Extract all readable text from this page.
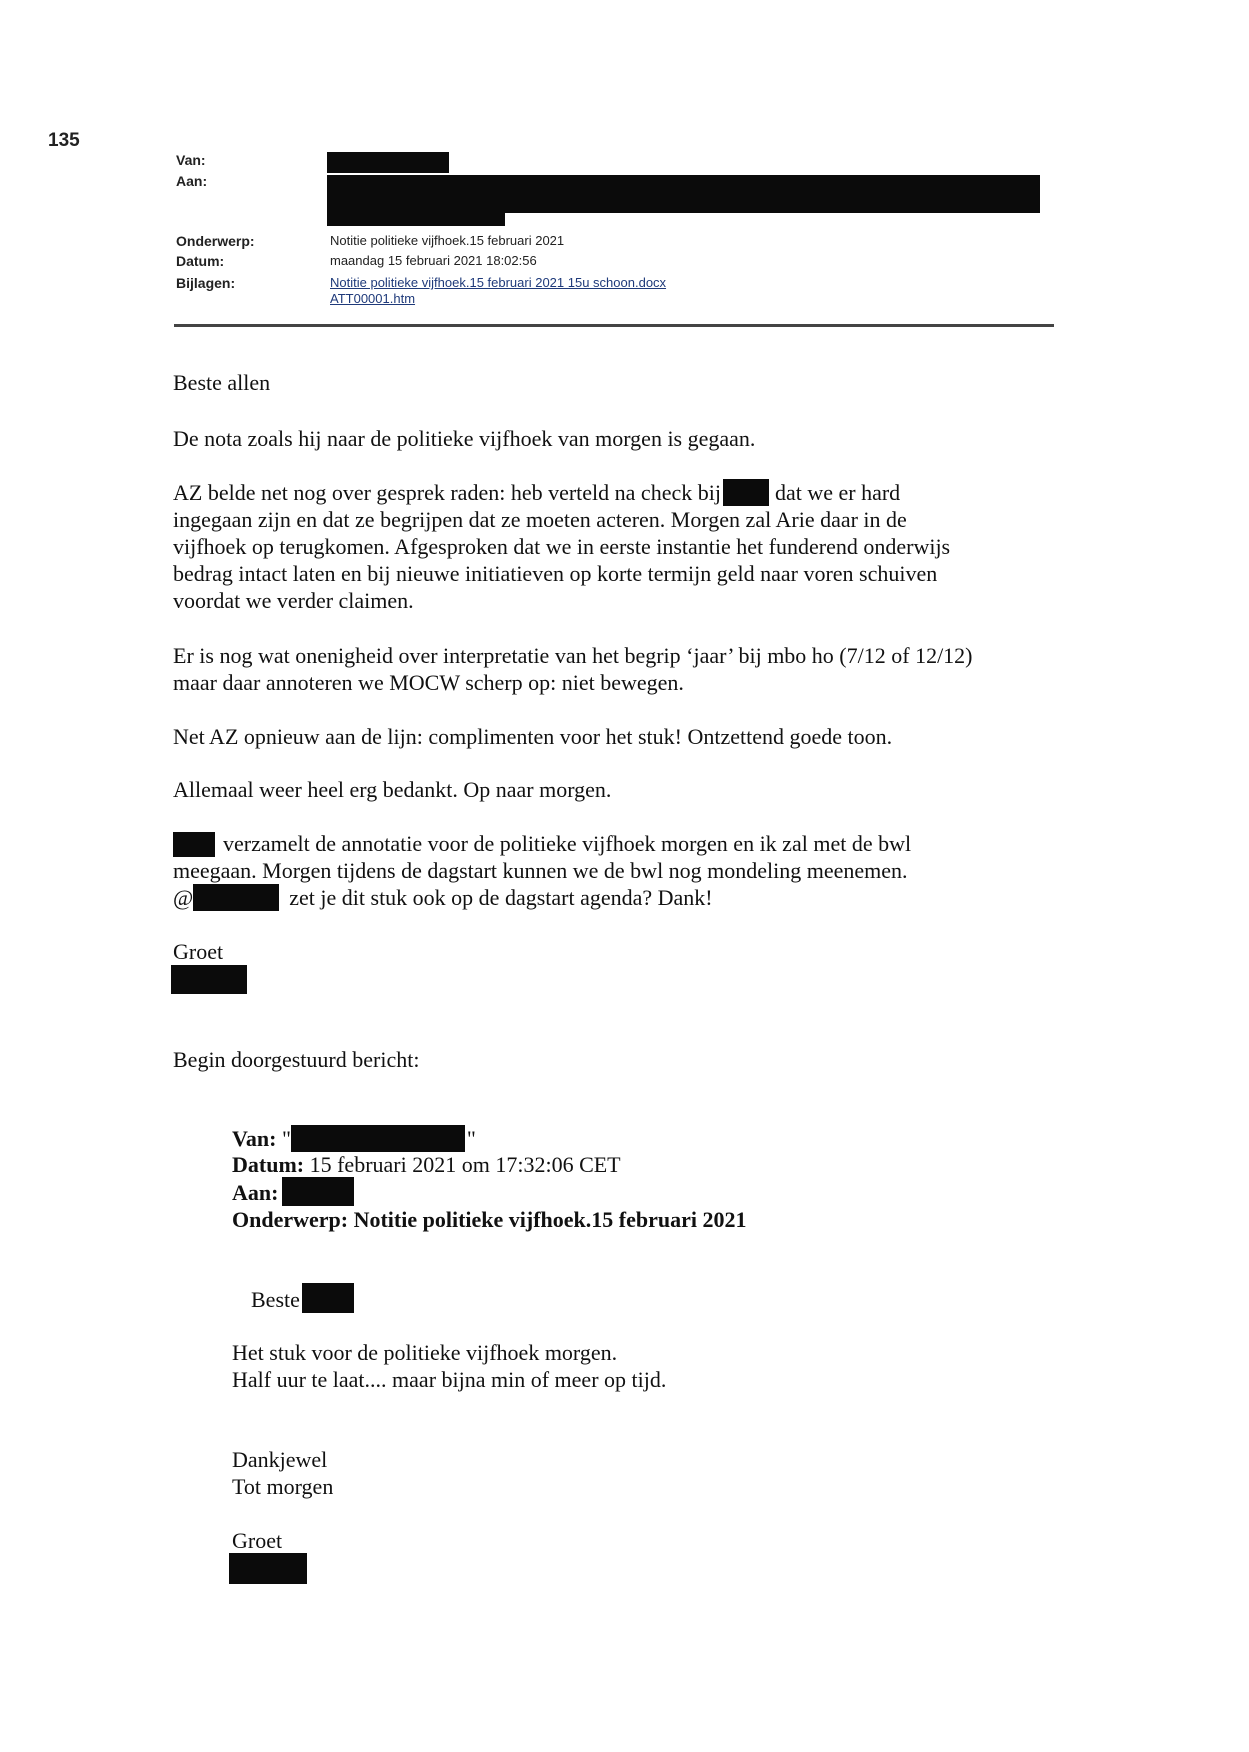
135
Van:
Aan:
Onderwerp:
Datum:
Bijlagen:
Notitie politieke vijfhoek.15 februari 2021
maandag 15 februari 2021 18:02:56
Notitie politieke vijfhoek.15 februari 2021 15u schoon.docx
ATT00001.htm

Beste allen

De nota zoals hij naar de politieke vijfhoek van morgen is gegaan.

AZ belde net nog over gesprek raden: heb verteld na check bij dat we er hard
ingegaan zijn en dat ze begrijpen dat ze moeten acteren. Morgen zal Arie daar in de
vijfhoek op terugkomen. Afgesproken dat we in eerste instantie het funderend onderwijs
bedrag intact laten en bij nieuwe initiatieven op korte termijn geld naar voren schuiven
voordat we verder claimen.
Er is nog wat onenigheid over interpretatie van het begrip ‘jaar’ bij mbo ho (7/12 of 12/12)
maar daar annoteren we MOCW scherp op: niet bewegen.

Net AZ opnieuw aan de lijn: complimenten voor het stuk! Ontzettend goede toon.

Allemaal weer heel erg bedankt. Op naar morgen.

verzamelt de annotatie voor de politieke vijfhoek morgen en ik zal met de bwl
meegaan. Morgen tijdens de dagstart kunnen we de bwl nog mondeling meenemen.
@	zet je dit stuk ook op de dagstart agenda? Dank!

Groet

Begin doorgestuurd bericht:

Van: "	"
Datum: 15 februari 2021 om 17:32:06 CET
Aan:
Onderwerp: Notitie politieke vijfhoek.15 februari 2021
Beste
Het stuk voor de politieke vijfhoek morgen.
Half uur te laat.... maar bijna min of meer op tijd.
Dankjewel
Tot morgen
Groet
